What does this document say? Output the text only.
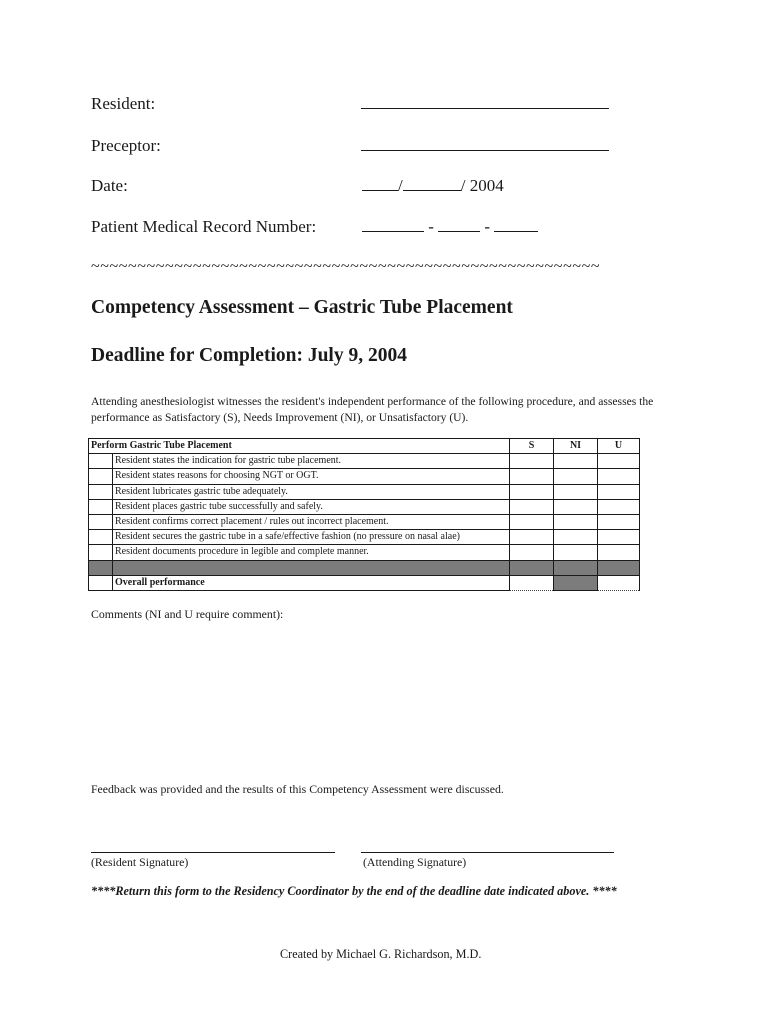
Resident:
Preceptor:
Date:	/	/ 2004
Patient Medical Record Number:	-  -
~~~~~~~~~~~~~~~~~~~~~~~~~~~~~~~~~~~~~~~~~~~~~~~~~~~~~~~
Competency Assessment – Gastric Tube Placement
Deadline for Completion: July 9, 2004
Attending anesthesiologist witnesses the resident's independent performance of the following procedure, and assesses the performance as Satisfactory (S), Needs Improvement (NI), or Unsatisfactory (U).
Perform Gastric Tube Placement		S	NI	U
	Resident states the indication for gastric tube placement.			
	Resident states reasons for choosing NGT or OGT.			
	Resident lubricates gastric tube adequately.			
	Resident places gastric tube successfully and safely.			
	Resident confirms correct placement / rules out incorrect placement.			
	Resident secures the gastric tube in a safe/effective fashion (no pressure on nasal alae)			
	Resident documents procedure in legible and complete manner.			

	Overall performance			
Comments (NI and U require comment):
Feedback was provided and the results of this Competency Assessment were discussed.
(Resident Signature)	(Attending Signature)
****Return this form to the Residency Coordinator by the end of the deadline date indicated above. ****
Created by Michael G. Richardson, M.D.
